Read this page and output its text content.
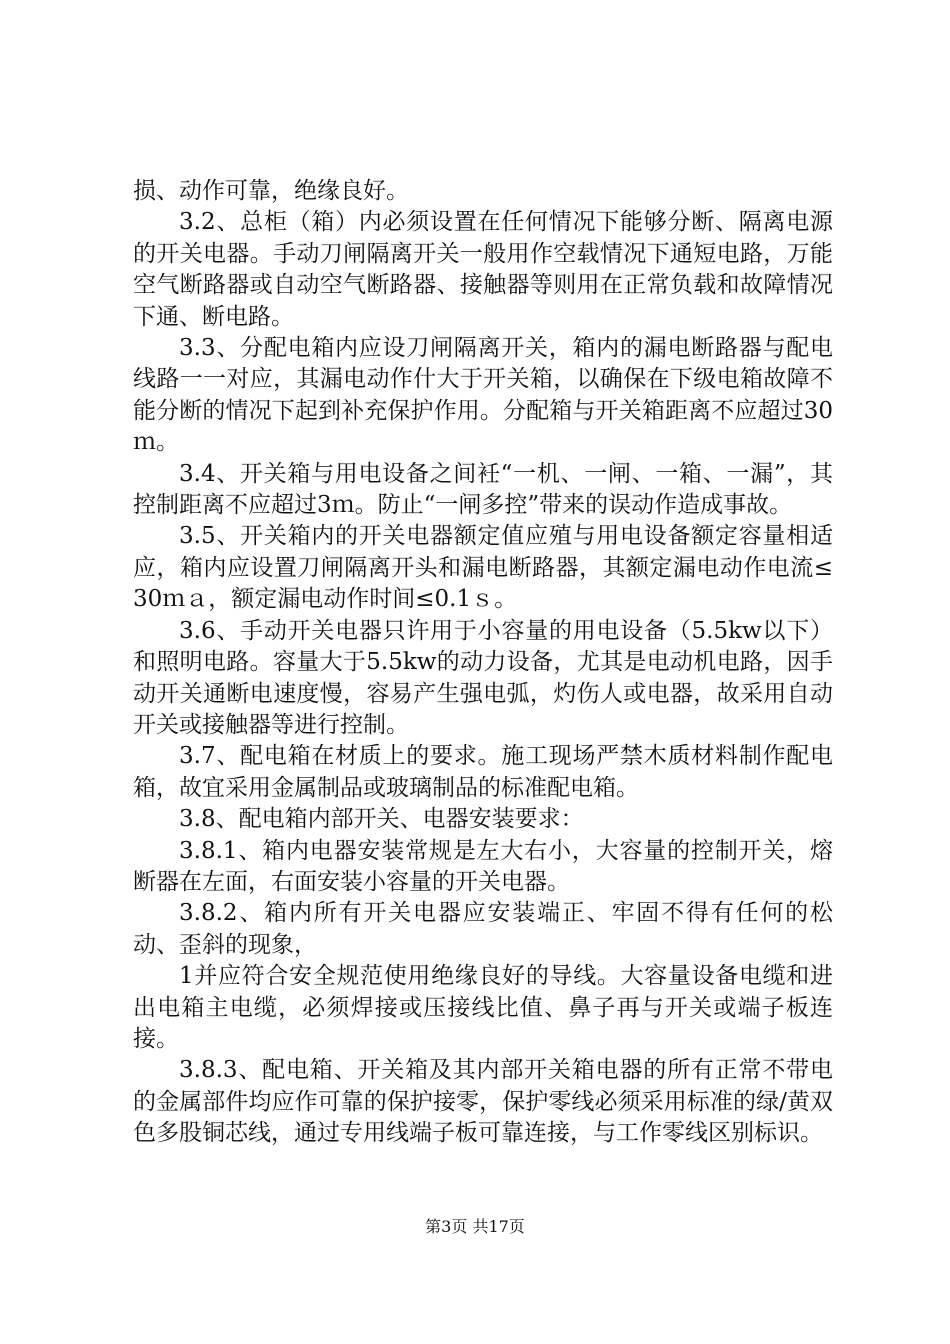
损、动作可靠，绝缘良好。

3.2、总柜（箱）内必须设置在任何情况下能够分断、隔离电源的开关电器。手动刀闸隔离开关一般用作空载情况下通短电路，万能空气断路器或自动空气断路器、接触器等则用在正常负载和故障情况下通、断电路。

3.3、分配电箱内应设刀闸隔离开关，箱内的漏电断路器与配电线路一一对应，其漏电动作什大于开关箱，以确保在下级电箱故障不能分断的情况下起到补充保护作用。分配箱与开关箱距离不应超过30ｍ。

3.4、开关箱与用电设备之间衽“一机、一闸、一箱、一漏”，其控制距离不应超过3ｍ。防止“一闸多控”带来的误动作造成事故。

3.5、开关箱内的开关电器额定值应殖与用电设备额定容量相适应，箱内应设置刀闸隔离开头和漏电断路器，其额定漏电动作电流≤30ｍａ，额定漏电动作时间≤0.1ｓ。

3.6、手动开关电器只许用于小容量的用电设备（5.5kw以下）和照明电路。容量大于5.5kw的动力设备，尤其是电动机电路，因手动开关通断电速度慢，容易产生强电弧，灼伤人或电器，故采用自动开关或接触器等进行控制。

3.7、配电箱在材质上的要求。施工现场严禁木质材料制作配电箱，故宜采用金属制品或玻璃制品的标准配电箱。

3.8、配电箱内部开关、电器安装要求：

3.8.1、箱内电器安装常规是左大右小，大容量的控制开关，熔断器在左面，右面安装小容量的开关电器。

3.8.2、箱内所有开关电器应安装端正、牢固不得有任何的松动、歪斜的现象，

1并应符合安全规范使用绝缘良好的导线。大容量设备电缆和进出电箱主电缆，必须焊接或压接线比值、鼻子再与开关或端子板连接。

3.8.3、配电箱、开关箱及其内部开关箱电器的所有正常不带电的金属部件均应作可靠的保护接零，保护零线必须采用标准的绿/黄双色多股铜芯线，通过专用线端子板可靠连接，与工作零线区别标识。

第3页 共17页
